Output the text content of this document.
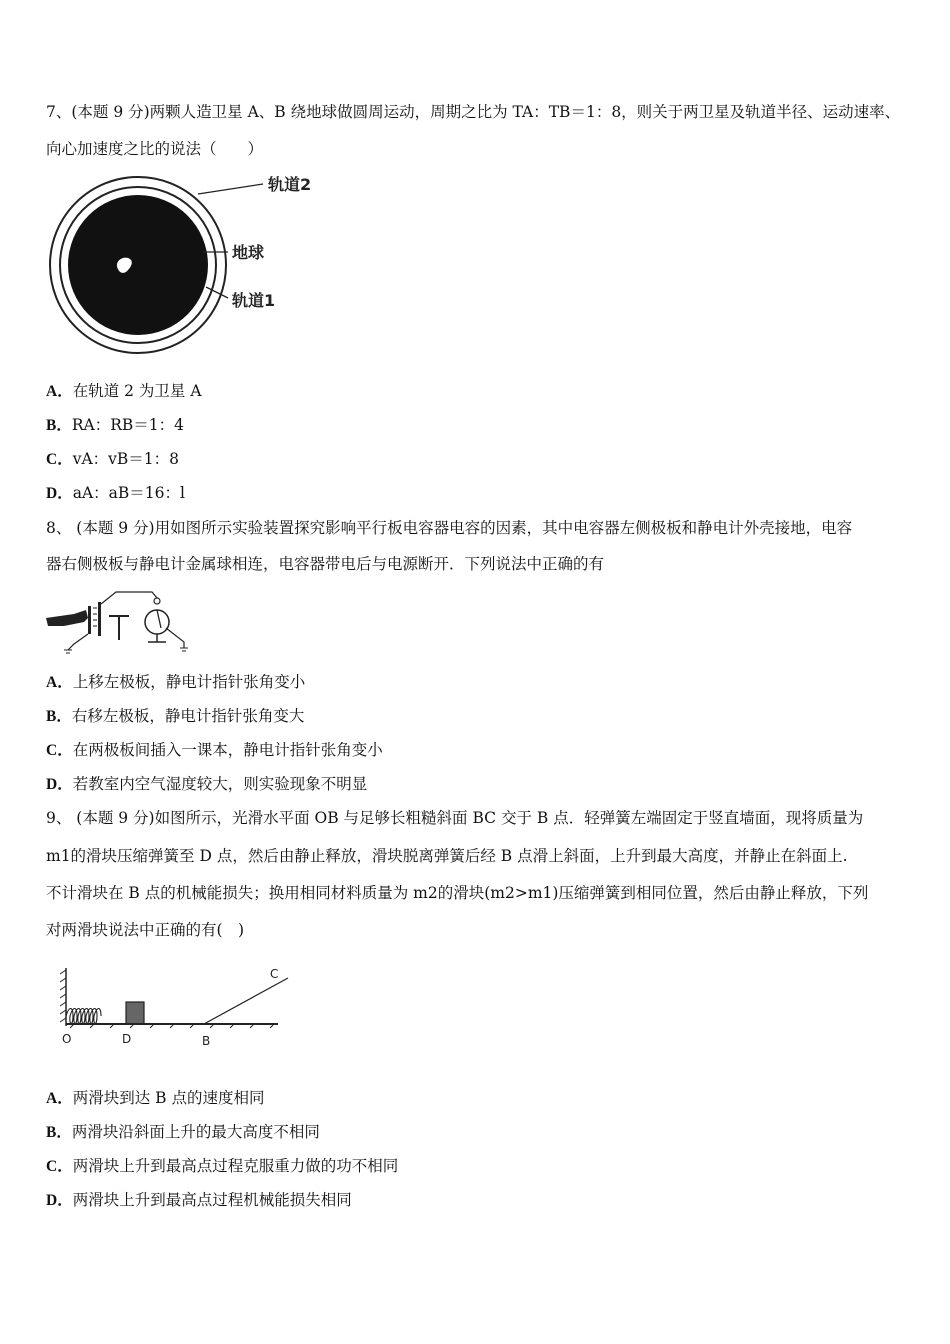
7、(本题 9 分)两颗人造卫星 A、B 绕地球做圆周运动，周期之比为 TA：TB＝1：8，则关于两卫星及轨道半径、运动速率、
向心加速度之比的说法（　　）
轨道2
地球
轨道1
A．在轨道 2 为卫星 A
B．RA：RB＝1：4
C．vA：vB＝1：8
D．aA：aB＝16：l
8、 (本题 9 分)用如图所示实验装置探究影响平行板电容器电容的因素，其中电容器左侧极板和静电计外壳接地，电容
器右侧极板与静电计金属球相连，电容器带电后与电源断开．下列说法中正确的有
A．上移左极板，静电计指针张角变小
B．右移左极板，静电计指针张角变大
C．在两极板间插入一课本，静电计指针张角变小
D．若教室内空气湿度较大，则实验现象不明显
9、 (本题 9 分)如图所示，光滑水平面 OB 与足够长粗糙斜面 BC 交于 B 点．轻弹簧左端固定于竖直墙面，现将质量为
m1的滑块压缩弹簧至 D 点，然后由静止释放，滑块脱离弹簧后经 B 点滑上斜面，上升到最大高度，并静止在斜面上.
不计滑块在 B 点的机械能损失；换用相同材料质量为 m2的滑块(m2>m1)压缩弹簧到相同位置，然后由静止释放，下列
对两滑块说法中正确的有(　)
O	D	B
C
A．两滑块到达 B 点的速度相同
B．两滑块沿斜面上升的最大高度不相同
C．两滑块上升到最高点过程克服重力做的功不相同
D．两滑块上升到最高点过程机械能损失相同
